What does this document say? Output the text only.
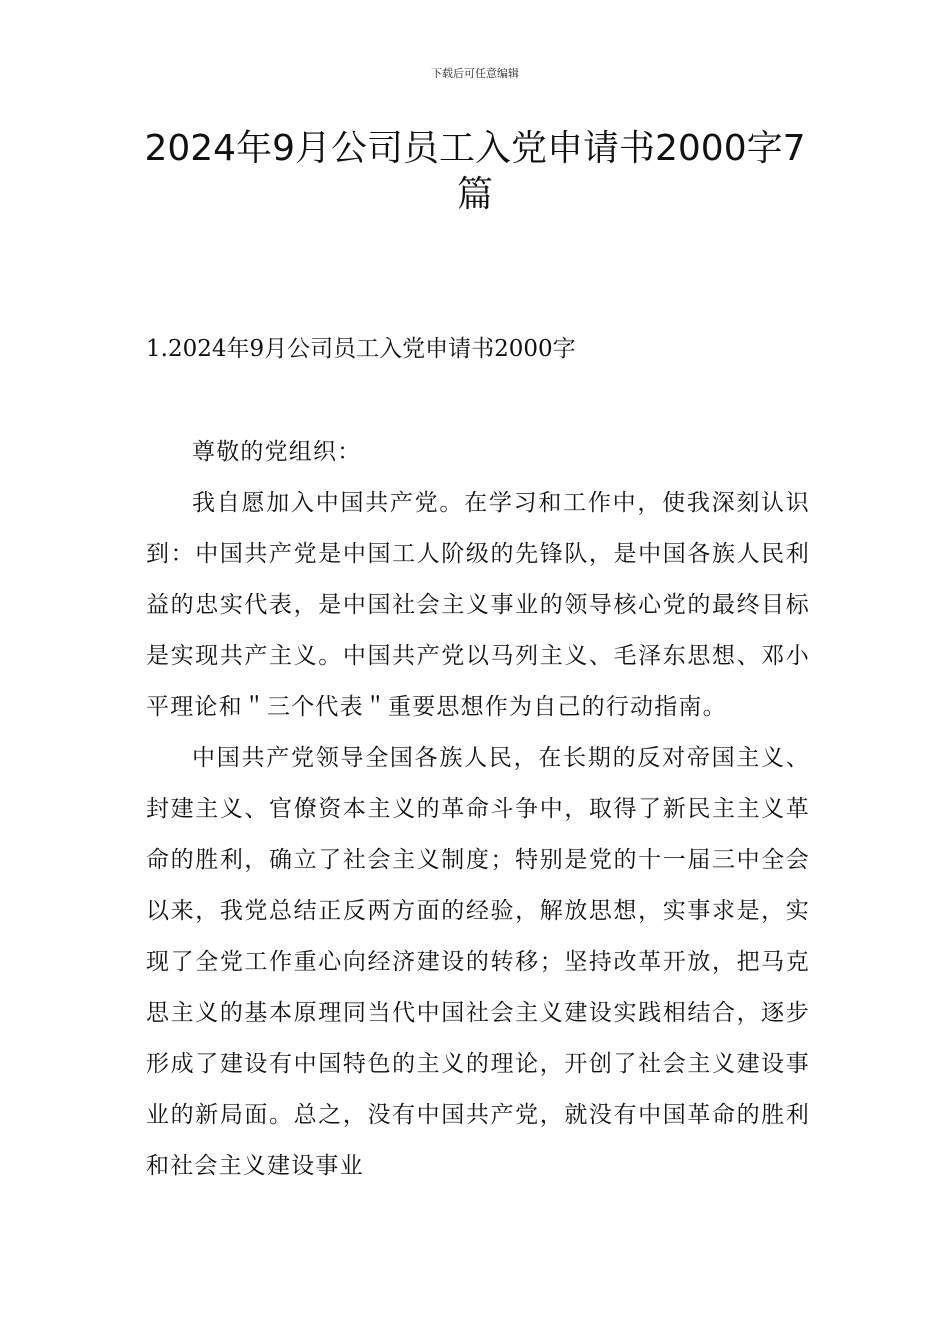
下载后可任意编辑
2024年9月公司员工入党申请书2000字7篇
1.2024年9月公司员工入党申请书2000字

尊敬的党组织：

我自愿加入中国共产党。在学习和工作中，使我深刻认识到：中国共产党是中国工人阶级的先锋队，是中国各族人民利益的忠实代表，是中国社会主义事业的领导核心党的最终目标是实现共产主义。中国共产党以马列主义、毛泽东思想、邓小平理论和＂三个代表＂重要思想作为自己的行动指南。

中国共产党领导全国各族人民，在长期的反对帝国主义、封建主义、官僚资本主义的革命斗争中，取得了新民主主义革命的胜利，确立了社会主义制度；特别是党的十一届三中全会以来，我党总结正反两方面的经验，解放思想，实事求是，实现了全党工作重心向经济建设的转移；坚持改革开放，把马克思主义的基本原理同当代中国社会主义建设实践相结合，逐步形成了建设有中国特色的主义的理论，开创了社会主义建设事业的新局面。总之，没有中国共产党，就没有中国革命的胜利和社会主义建设事业
